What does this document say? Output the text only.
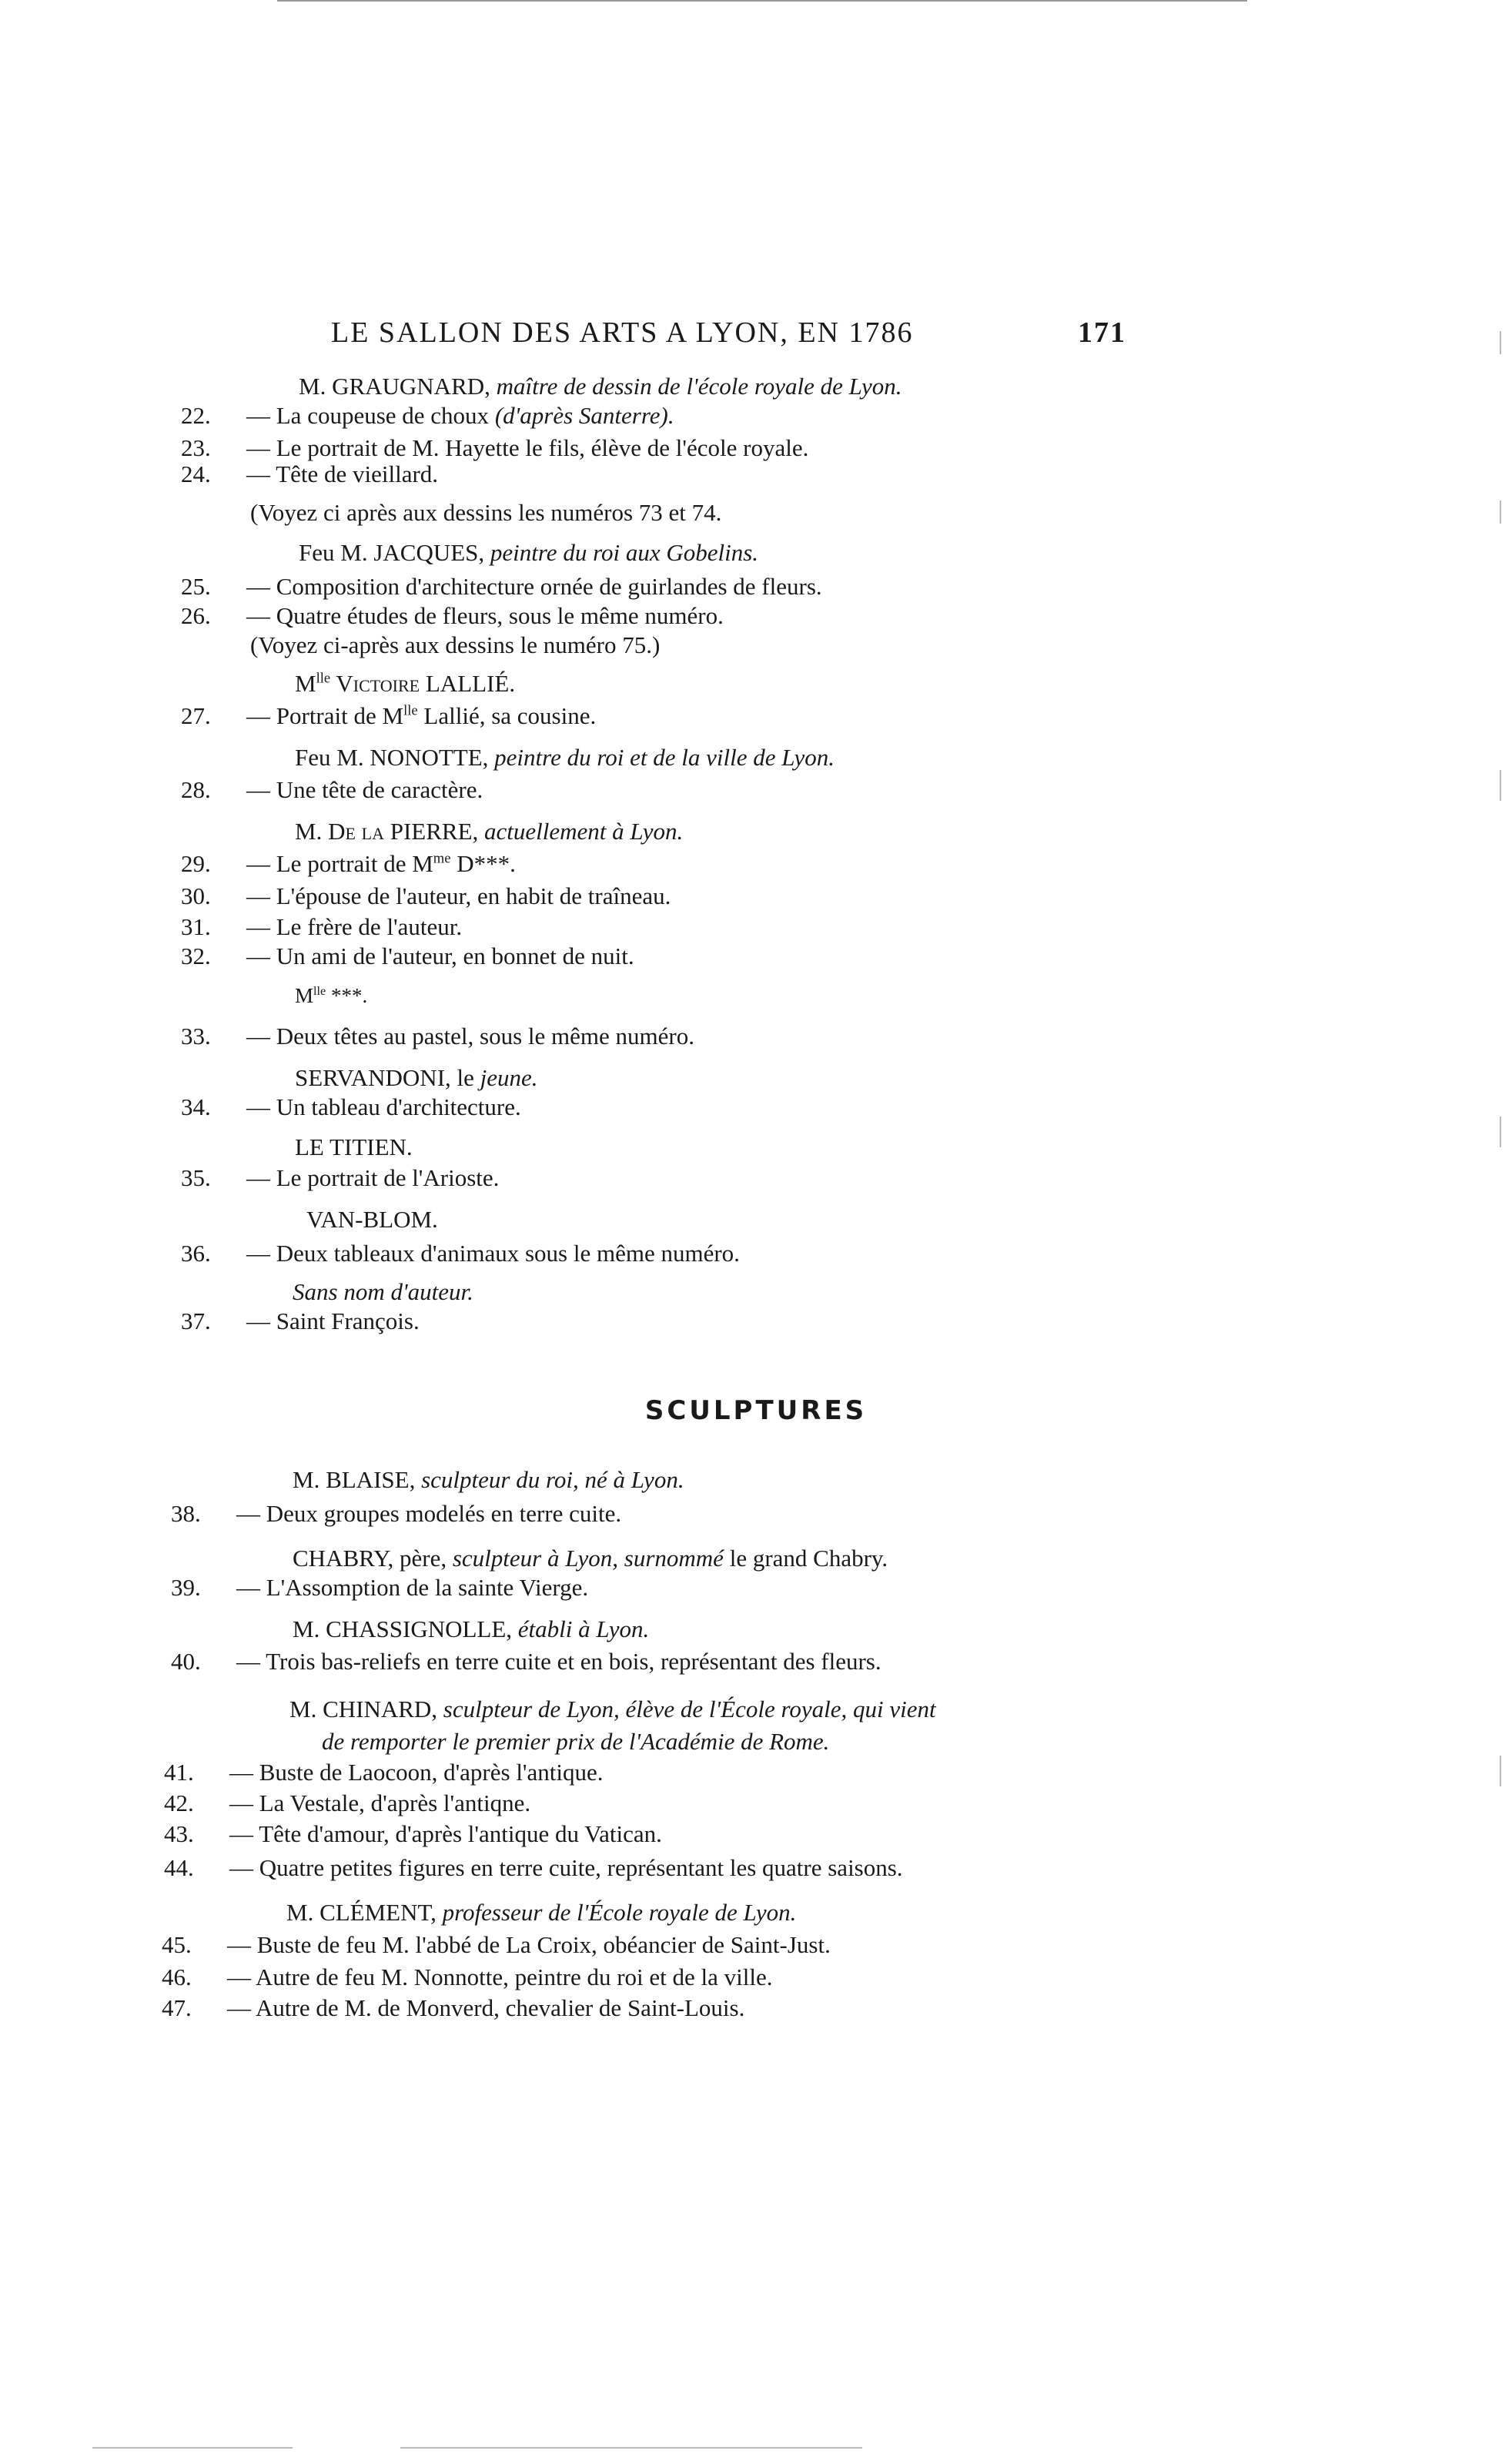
LE SALLON DES ARTS A LYON, EN 1786	171
M. GRAUGNARD, maître de dessin de l'école royale de Lyon.
22. — La coupeuse de choux (d'après Santerre).
23. — Le portrait de M. Hayette le fils, élève de l'école royale.
24. — Tête de vieillard.
(Voyez ci après aux dessins les numéros 73 et 74.
Feu M. JACQUES, peintre du roi aux Gobelins.
25. — Composition d'architecture ornée de guirlandes de fleurs.
26. — Quatre études de fleurs, sous le même numéro.
(Voyez ci-après aux dessins le numéro 75.)
$M^{lle}$ Victoire LALLIÉ.
27. — Portrait de $M^{lle}$ Lallié, sa cousine.
Feu M. NONOTTE, peintre du roi et de la ville de Lyon.
28. — Une tête de caractère.
M. De la PIERRE, actuellement à Lyon.
29. — Le portrait de $M^{me}$ D***.
30. — L'épouse de l'auteur, en habit de traîneau.
31. — Le frère de l'auteur.
32. — Un ami de l'auteur, en bonnet de nuit.
$M^{lle}$ ***.
33. — Deux têtes au pastel, sous le même numéro.
SERVANDONI, le jeune.
34. — Un tableau d'architecture.
LE TITIEN.
35. — Le portrait de l'Arioste.
VAN-BLOM.
36. — Deux tableaux d'animaux sous le même numéro.
Sans nom d'auteur.
37. — Saint François.
SCULPTURES
M. BLAISE, sculpteur du roi, né à Lyon.
38. — Deux groupes modelés en terre cuite.
CHABRY, père, sculpteur à Lyon, surnommé le grand Chabry.
39. — L'Assomption de la sainte Vierge.
M. CHASSIGNOLLE, établi à Lyon.
40. — Trois bas-reliefs en terre cuite et en bois, représentant des fleurs.
M. CHINARD, sculpteur de Lyon, élève de l'École royale, qui vient
de remporter le premier prix de l'Académie de Rome.
41. — Buste de Laocoon, d'après l'antique.
42. — La Vestale, d'après l'antiqne.
43. — Tête d'amour, d'après l'antique du Vatican.
44. — Quatre petites figures en terre cuite, représentant les quatre saisons.
M. CLÉMENT, professeur de l'École royale de Lyon.
45. — Buste de feu M. l'abbé de La Croix, obéancier de Saint-Just.
46. — Autre de feu M. Nonnotte, peintre du roi et de la ville.
47. — Autre de M. de Monverd, chevalier de Saint-Louis.
